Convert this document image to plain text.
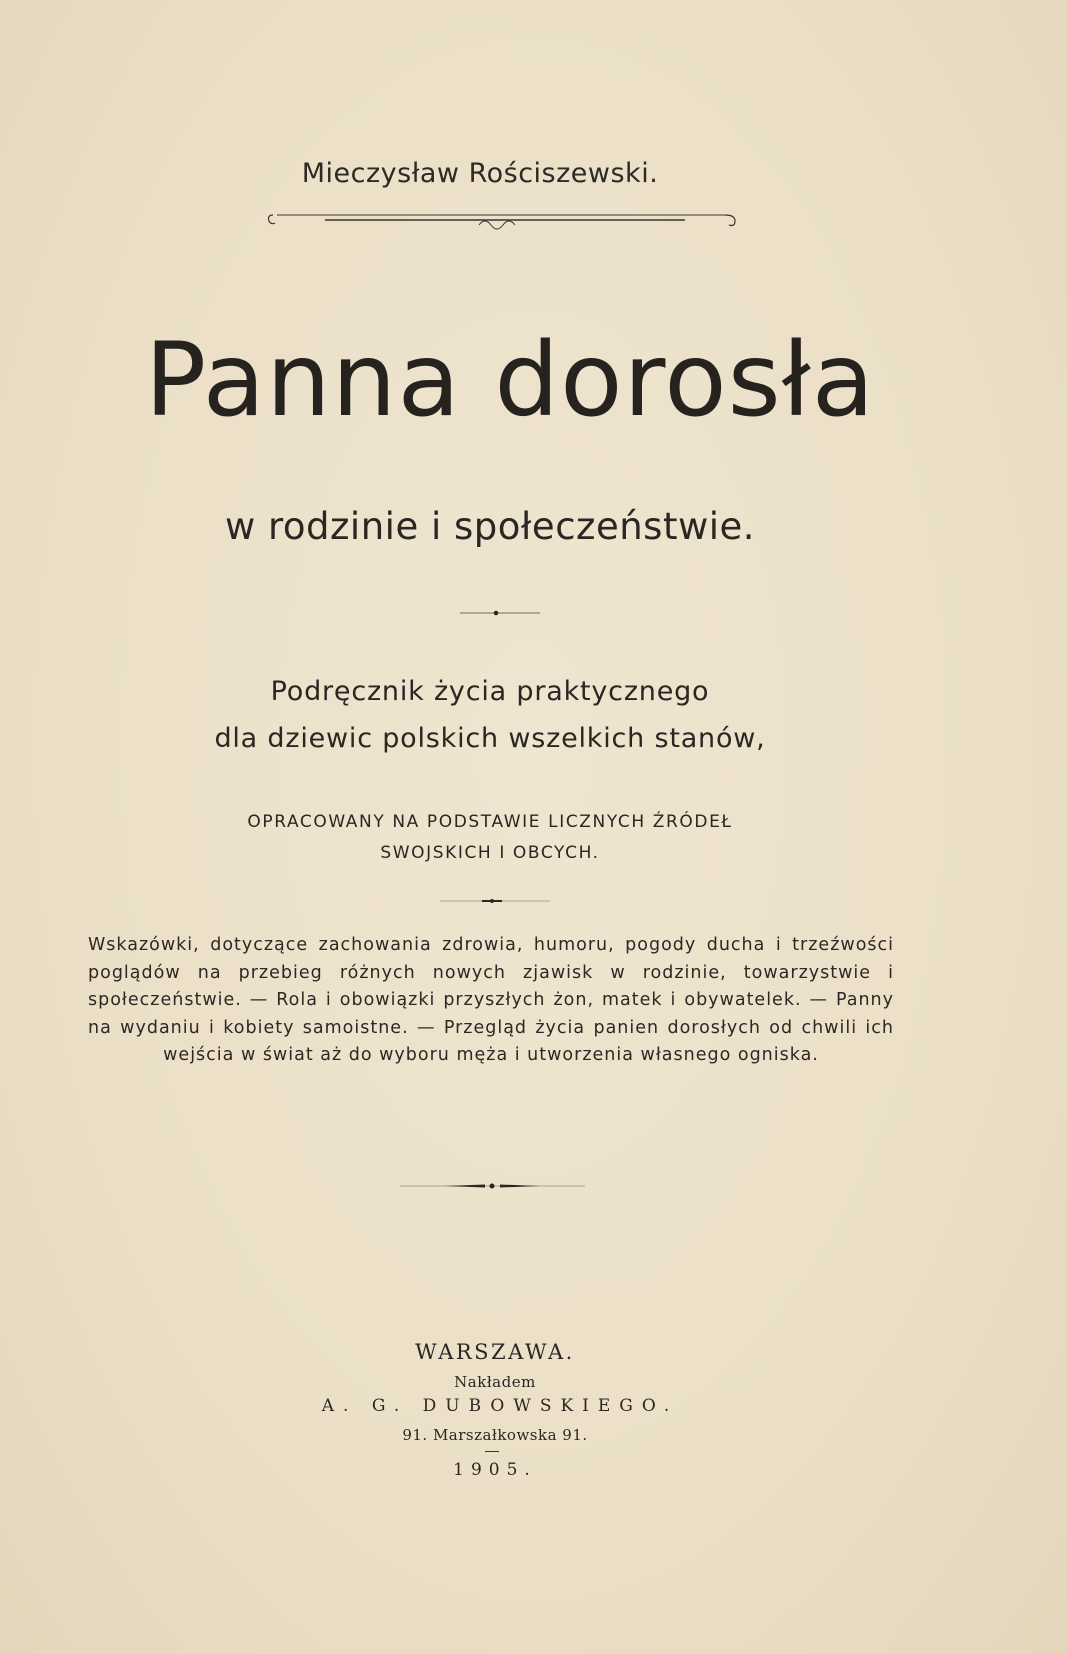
Mieczysław Rościszewski.
Panna dorosła
w rodzinie i społeczeństwie.
Podręcznik życia praktycznego
dla dziewic polskich wszelkich stanów,
OPRACOWANY NA PODSTAWIE LICZNYCH ŹRÓDEŁ
SWOJSKICH I OBCYCH.
Wskazówki, dotyczące zachowania zdrowia, humoru, pogody ducha i trzeźwości poglądów na przebieg różnych nowych zjawisk w rodzinie, towarzystwie i społeczeństwie. — Rola i obowiązki przyszłych żon, matek i obywatelek. — Panny na wydaniu i kobiety samoistne. — Przegląd życia panien dorosłych od chwili ich wejścia w świat aż do wyboru męża i utworzenia własnego ogniska.
WARSZAWA.
Nakładem
A. G. DUBOWSKIEGO.
91. Marszałkowska 91.
1905.
